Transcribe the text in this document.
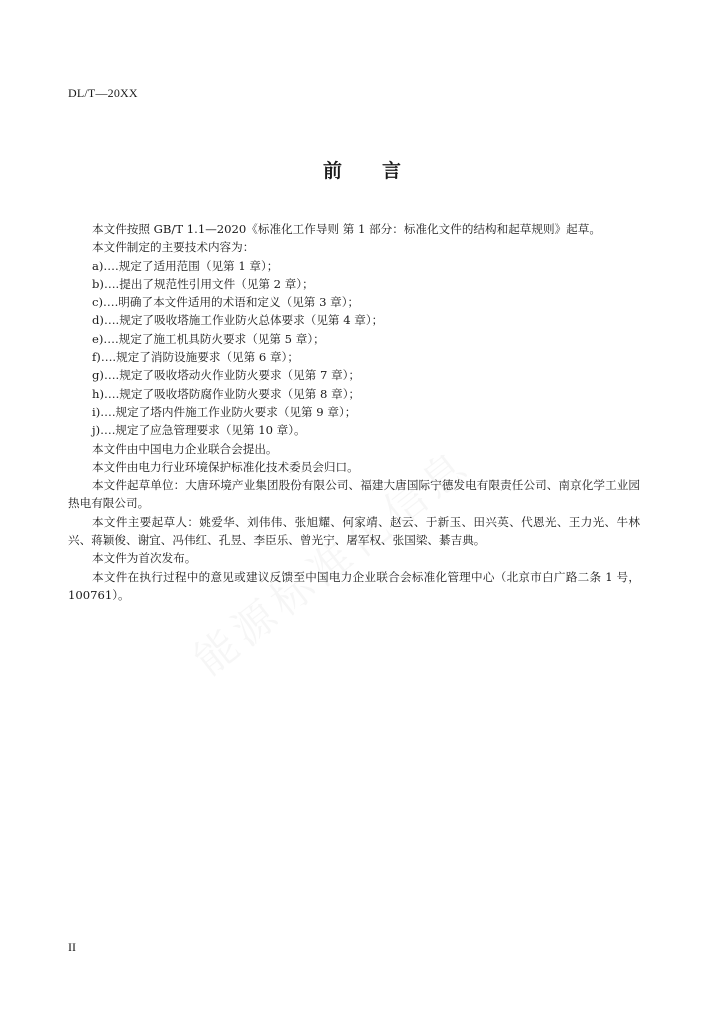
DL/T—20XX
前言

本文件按照 GB/T 1.1—2020《标准化工作导则 第 1 部分：标准化文件的结构和起草规则》起草。

本文件制定的主要技术内容为：

a)….规定了适用范围（见第 1 章）；

b)….提出了规范性引用文件（见第 2 章）；

c)….明确了本文件适用的术语和定义（见第 3 章）；

d)….规定了吸收塔施工作业防火总体要求（见第 4 章）；

e)….规定了施工机具防火要求（见第 5 章）；

f)….规定了消防设施要求（见第 6 章）；

g)….规定了吸收塔动火作业防火要求（见第 7 章）；

h)….规定了吸收塔防腐作业防火要求（见第 8 章）；

i)….规定了塔内件施工作业防火要求（见第 9 章）；

j)….规定了应急管理要求（见第 10 章）。

本文件由中国电力企业联合会提出。

本文件由电力行业环境保护标准化技术委员会归口。

本文件起草单位：大唐环境产业集团股份有限公司、福建大唐国际宁德发电有限责任公司、南京化学工业园热电有限公司。

本文件主要起草人：姚爱华、刘伟伟、张旭耀、何家靖、赵云、于新玉、田兴英、代恩光、王力光、牛林兴、蒋颖俊、谢宜、冯伟红、孔昱、李臣乐、曾光宁、屠军权、张国梁、綦吉典。

本文件为首次发布。

本文件在执行过程中的意见或建议反馈至中国电力企业联合会标准化管理中心（北京市白广路二条 1 号，100761）。

II
